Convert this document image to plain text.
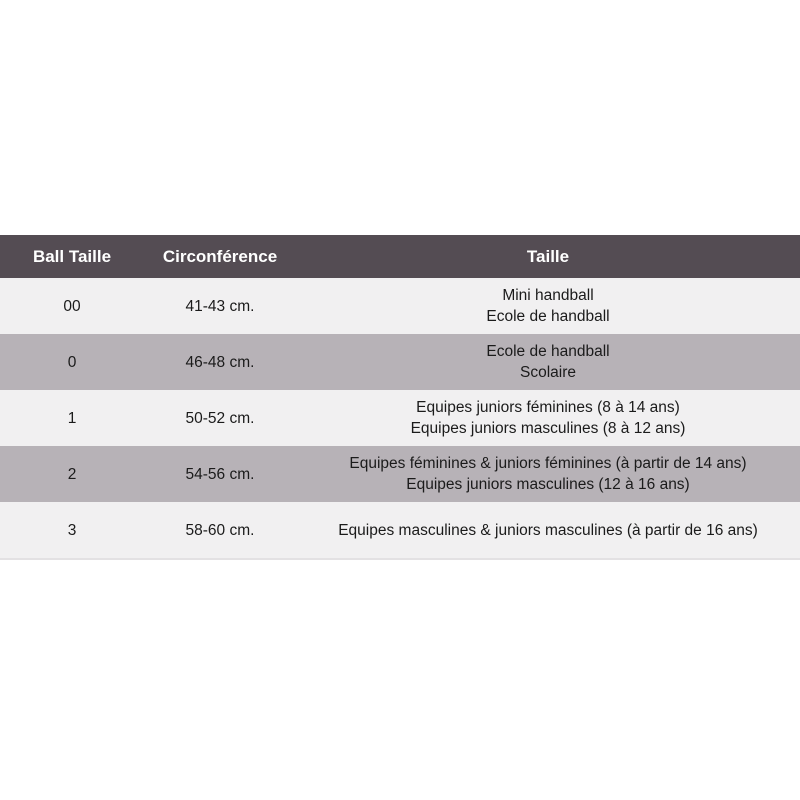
Ball Taille	Circonférence	Taille
00	41-43 cm.
Mini handball
Ecole de handball
0	46-48 cm.
Ecole de handball
Scolaire
1	50-52 cm.
Equipes juniors féminines (8 à 14 ans)
Equipes juniors masculines (8 à 12 ans)
2	54-56 cm.
Equipes féminines & juniors féminines (à partir de 14 ans)
Equipes juniors masculines (12 à 16 ans)
3	58-60 cm.	Equipes masculines & juniors masculines (à partir de 16 ans)
